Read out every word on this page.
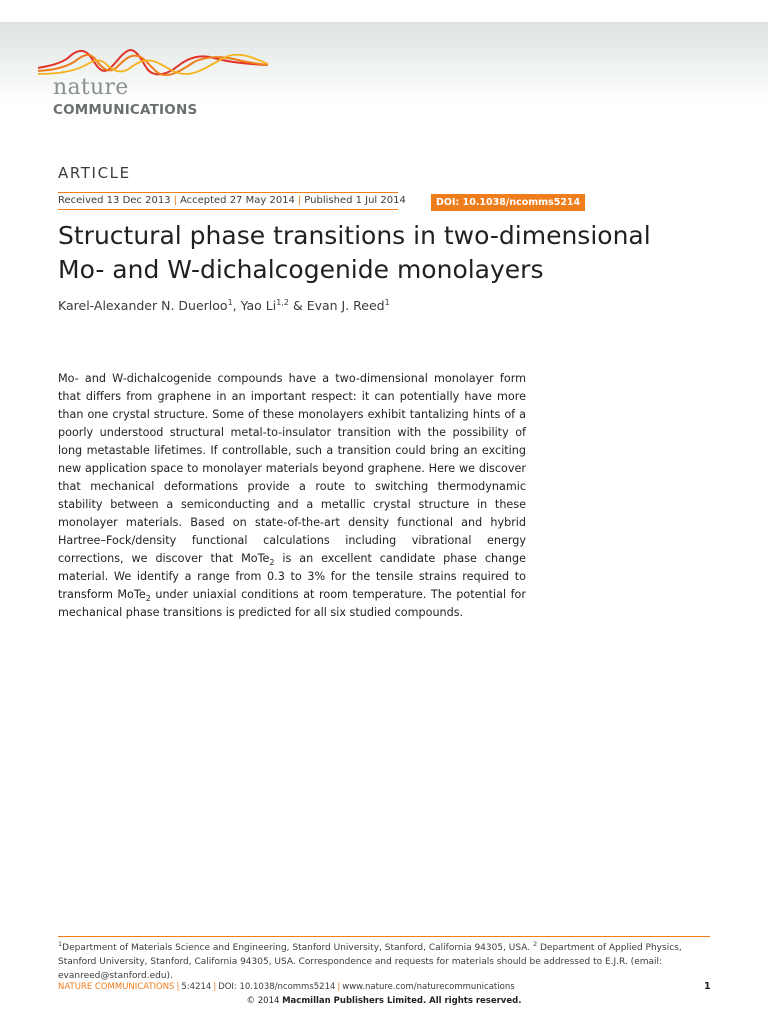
nature
COMMUNICATIONS
ARTICLE
Received 13 Dec 2013 | Accepted 27 May 2014 | Published 1 Jul 2014	DOI: 10.1038/ncomms5214
Structural phase transitions in two-dimensional
Mo- and W-dichalcogenide monolayers
Karel-Alexander N. Duerloo$^1$, Yao Li$^{1,2}$ & Evan J. Reed$^1$

Mo- and W-dichalcogenide compounds have a two-dimensional monolayer form that differs from graphene in an important respect: it can potentially have more than one crystal structure. Some of these monolayers exhibit tantalizing hints of a poorly understood structural metal-to-insulator transition with the possibility of long metastable lifetimes. If controllable, such a transition could bring an exciting new application space to monolayer materials beyond graphene. Here we discover that mechanical deformations provide a route to switching thermodynamic stability between a semiconducting and a metallic crystal structure in these monolayer materials. Based on state-of-the-art density functional and hybrid Hartree–Fock/density functional calculations including vibrational energy corrections, we discover that MoTe$_2$ is an excellent candidate phase change material. We identify a range from 0.3 to 3% for the tensile strains required to transform MoTe$_2$ under uniaxial conditions at room temperature. The potential for mechanical phase transitions is predicted for all six studied compounds.

$^1$Department of Materials Science and Engineering, Stanford University, Stanford, California 94305, USA. $^2$ Department of Applied Physics, Stanford University, Stanford, California 94305, USA. Correspondence and requests for materials should be addressed to E.J.R. (email: evanreed@stanford.edu).

NATURE COMMUNICATIONS | 5:4214 | DOI: 10.1038/ncomms5214 | www.nature.com/naturecommunications	1
© 2014 Macmillan Publishers Limited. All rights reserved.
